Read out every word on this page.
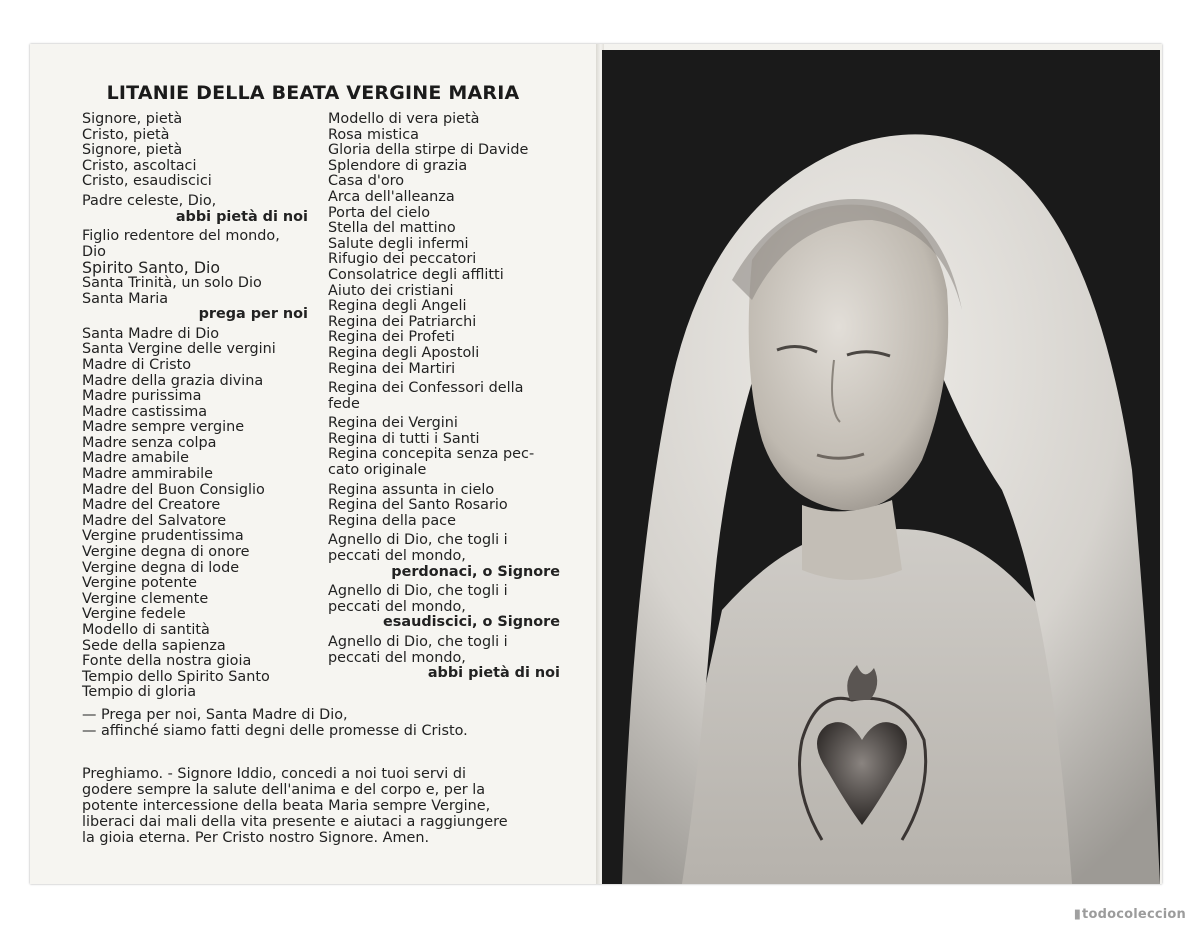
LITANIE DELLA BEATA VERGINE MARIA
Signore, pietà
Cristo, pietà
Signore, pietà
Cristo, ascoltaci
Cristo, esaudiscici
Padre celeste, Dio,
abbi pietà di noi
Figlio redentore del mondo,
Dio
Spirito Santo, Dio
Santa Trinità, un solo Dio
Santa Maria
prega per noi
Santa Madre di Dio
Santa Vergine delle vergini
Madre di Cristo
Madre della grazia divina
Madre purissima
Madre castissima
Madre sempre vergine
Madre senza colpa
Madre amabile
Madre ammirabile
Madre del Buon Consiglio
Madre del Creatore
Madre del Salvatore
Vergine prudentissima
Vergine degna di onore
Vergine degna di lode
Vergine potente
Vergine clemente
Vergine fedele
Modello di santità
Sede della sapienza
Fonte della nostra gioia
Tempio dello Spirito Santo
Tempio di gloria
Modello di vera pietà
Rosa mistica
Gloria della stirpe di Davide
Splendore di grazia
Casa d'oro
Arca dell'alleanza
Porta del cielo
Stella del mattino
Salute degli infermi
Rifugio dei peccatori
Consolatrice degli afflitti
Aiuto dei cristiani
Regina degli Angeli
Regina dei Patriarchi
Regina dei Profeti
Regina degli Apostoli
Regina dei Martiri
Regina dei Confessori della
fede
Regina dei Vergini
Regina di tutti i Santi
Regina concepita senza pec-
cato originale
Regina assunta in cielo
Regina del Santo Rosario
Regina della pace
Agnello di Dio, che togli i
peccati del mondo,
perdonaci, o Signore
Agnello di Dio, che togli i
peccati del mondo,
esaudiscici, o Signore
Agnello di Dio, che togli i
peccati del mondo,
abbi pietà di noi
— Prega per noi, Santa Madre di Dio,
— affinché siamo fatti degni delle promesse di Cristo.

Preghiamo. - Signore Iddio, concedi a noi tuoi servi di
godere sempre la salute dell'anima e del corpo e, per la
potente intercessione della beata Maria sempre Vergine,
liberaci dai mali della vita presente e aiutaci a raggiungere
la gioia eterna. Per Cristo nostro Signore. Amen.

▮todocoleccion
